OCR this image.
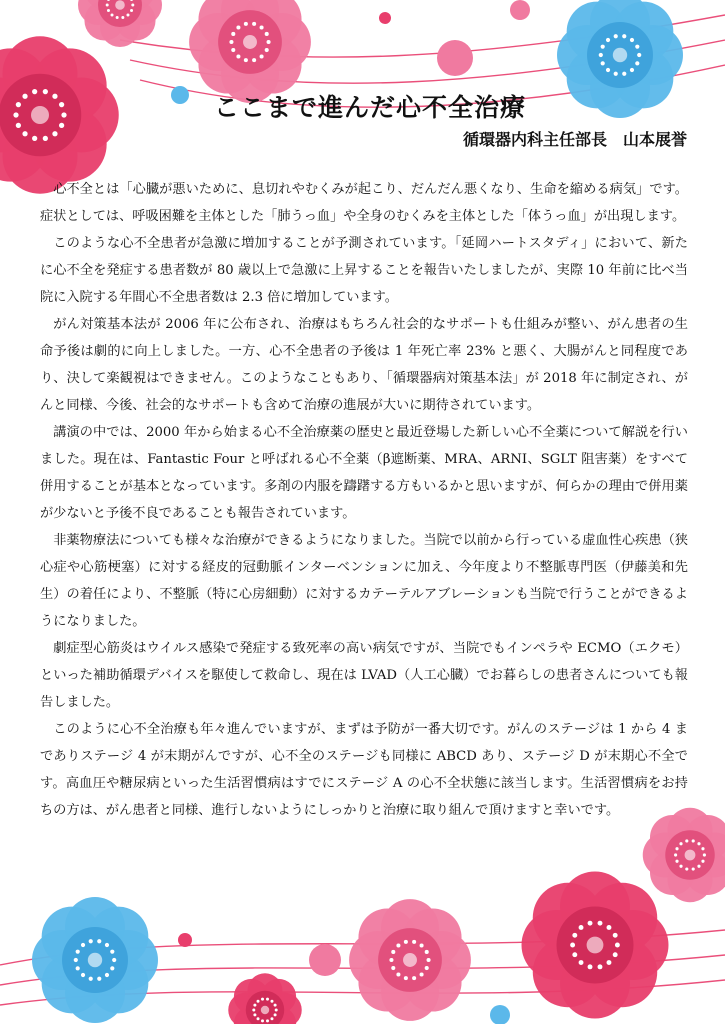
ここまで進んだ心不全治療
循環器内科主任部長　山本展誉

心不全とは「心臓が悪いために、息切れやむくみが起こり、だんだん悪くなり、生命を縮める病気」です。症状としては、呼吸困難を主体とした「肺うっ血」や全身のむくみを主体とした「体うっ血」が出現します。

このような心不全患者が急激に増加することが予測されています。「延岡ハートスタディ」において、新たに心不全を発症する患者数が 80 歳以上で急激に上昇することを報告いたしましたが、実際 10 年前に比べ当院に入院する年間心不全患者数は 2.3 倍に増加しています。

がん対策基本法が 2006 年に公布され、治療はもちろん社会的なサポートも仕組みが整い、がん患者の生命予後は劇的に向上しました。一方、心不全患者の予後は 1 年死亡率 23% と悪く、大腸がんと同程度であり、決して楽観視はできません。このようなこともあり、「循環器病対策基本法」が 2018 年に制定され、がんと同様、今後、社会的なサポートも含めて治療の進展が大いに期待されています。

講演の中では、2000 年から始まる心不全治療薬の歴史と最近登場した新しい心不全薬について解説を行いました。現在は、Fantastic Four と呼ばれる心不全薬（β遮断薬、MRA、ARNI、SGLT 阻害薬）をすべて併用することが基本となっています。多剤の内服を躊躇する方もいるかと思いますが、何らかの理由で併用薬が少ないと予後不良であることも報告されています。

非薬物療法についても様々な治療ができるようになりました。当院で以前から行っている虚血性心疾患（狭心症や心筋梗塞）に対する経皮的冠動脈インターベンションに加え、今年度より不整脈専門医（伊藤美和先生）の着任により、不整脈（特に心房細動）に対するカテーテルアブレーションも当院で行うことができるようになりました。

劇症型心筋炎はウイルス感染で発症する致死率の高い病気ですが、当院でもインペラや ECMO（エクモ）といった補助循環デバイスを駆使して救命し、現在は LVAD（人工心臓）でお暮らしの患者さんについても報告しました。

このように心不全治療も年々進んでいますが、まずは予防が一番大切です。がんのステージは 1 から 4 までありステージ 4 が末期がんですが、心不全のステージも同様に ABCD あり、ステージ D が末期心不全です。高血圧や糖尿病といった生活習慣病はすでにステージ A の心不全状態に該当します。生活習慣病をお持ちの方は、がん患者と同様、進行しないようにしっかりと治療に取り組んで頂けますと幸いです。
